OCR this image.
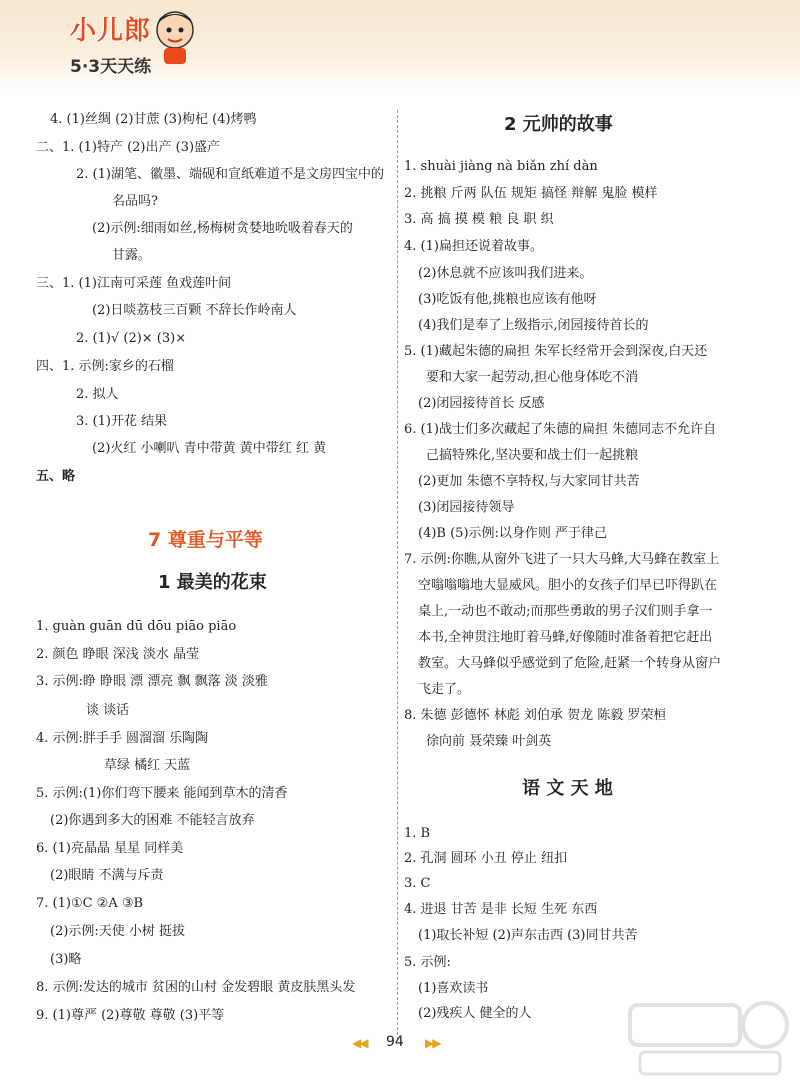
小儿郎
5·3天天练
4. (1)丝绸 (2)甘蔗 (3)枸杞 (4)烤鸭
二、1. (1)特产 (2)出产 (3)盛产
2. (1)湖笔、徽墨、端砚和宣纸难道不是文房四宝中的
名品吗?
(2)示例:细雨如丝,杨梅树贪婪地吮吸着春天的
甘露。
三、1. (1)江南可采莲 鱼戏莲叶间
(2)日啖荔枝三百颗 不辞长作岭南人
2. (1)√ (2)× (3)×
四、1. 示例:家乡的石榴
2. 拟人
3. (1)开花 结果
(2)火红 小喇叭 青中带黄 黄中带红 红 黄
五、略
7 尊重与平等
1 最美的花束
1. guàn guān dū dōu piāo piāo
2. 颜色 睁眼 深浅 淡水 晶莹
3. 示例:睁 睁眼 漂 漂亮 飘 飘落 淡 淡雅
谈 谈话
4. 示例:胖手手 圆溜溜 乐陶陶
草绿 橘红 天蓝
5. 示例:(1)你们弯下腰来 能闻到草木的清香
(2)你遇到多大的困难 不能轻言放弃
6. (1)亮晶晶 星星 同样美
(2)眼睛 不满与斥责
7. (1)①C ②A ③B
(2)示例:天使 小树 挺拔
(3)略
8. 示例:发达的城市 贫困的山村 金发碧眼 黄皮肤黑头发
9. (1)尊严 (2)尊敬 尊敬 (3)平等
2 元帅的故事
1. shuài jiàng nà biǎn zhí dàn
2. 挑粮 斤两 队伍 规矩 搞怪 辩解 鬼脸 模样
3. 高 搞 摸 模 粮 良 职 织
4. (1)扁担还说着故事。
(2)休息就不应该叫我们进来。
(3)吃饭有他,挑粮也应该有他呀
(4)我们是奉了上级指示,闭园接待首长的
5. (1)藏起朱德的扁担 朱军长经常开会到深夜,白天还
要和大家一起劳动,担心他身体吃不消
(2)闭园接待首长 反感
6. (1)战士们多次藏起了朱德的扁担 朱德同志不允许自
己搞特殊化,坚决要和战士们一起挑粮
(2)更加 朱德不享特权,与大家同甘共苦
(3)闭园接待领导
(4)B (5)示例:以身作则 严于律己
7. 示例:你瞧,从窗外飞进了一只大马蜂,大马蜂在教室上
空嗡嗡嗡地大显威风。胆小的女孩子们早已吓得趴在
桌上,一动也不敢动;而那些勇敢的男子汉们则手拿一
本书,全神贯注地盯着马蜂,好像随时准备着把它赶出
教室。大马蜂似乎感觉到了危险,赶紧一个转身从窗户
飞走了。
8. 朱德 彭德怀 林彪 刘伯承 贺龙 陈毅 罗荣桓
徐向前 聂荣臻 叶剑英
语 文 天 地
1. B
2. 孔洞 圆环 小丑 停止 纽扣
3. C
4. 进退 甘苦 是非 长短 生死 东西
(1)取长补短 (2)声东击西 (3)同甘共苦
5. 示例:
(1)喜欢读书
(2)残疾人 健全的人
◀◀ 94 ▶▶
